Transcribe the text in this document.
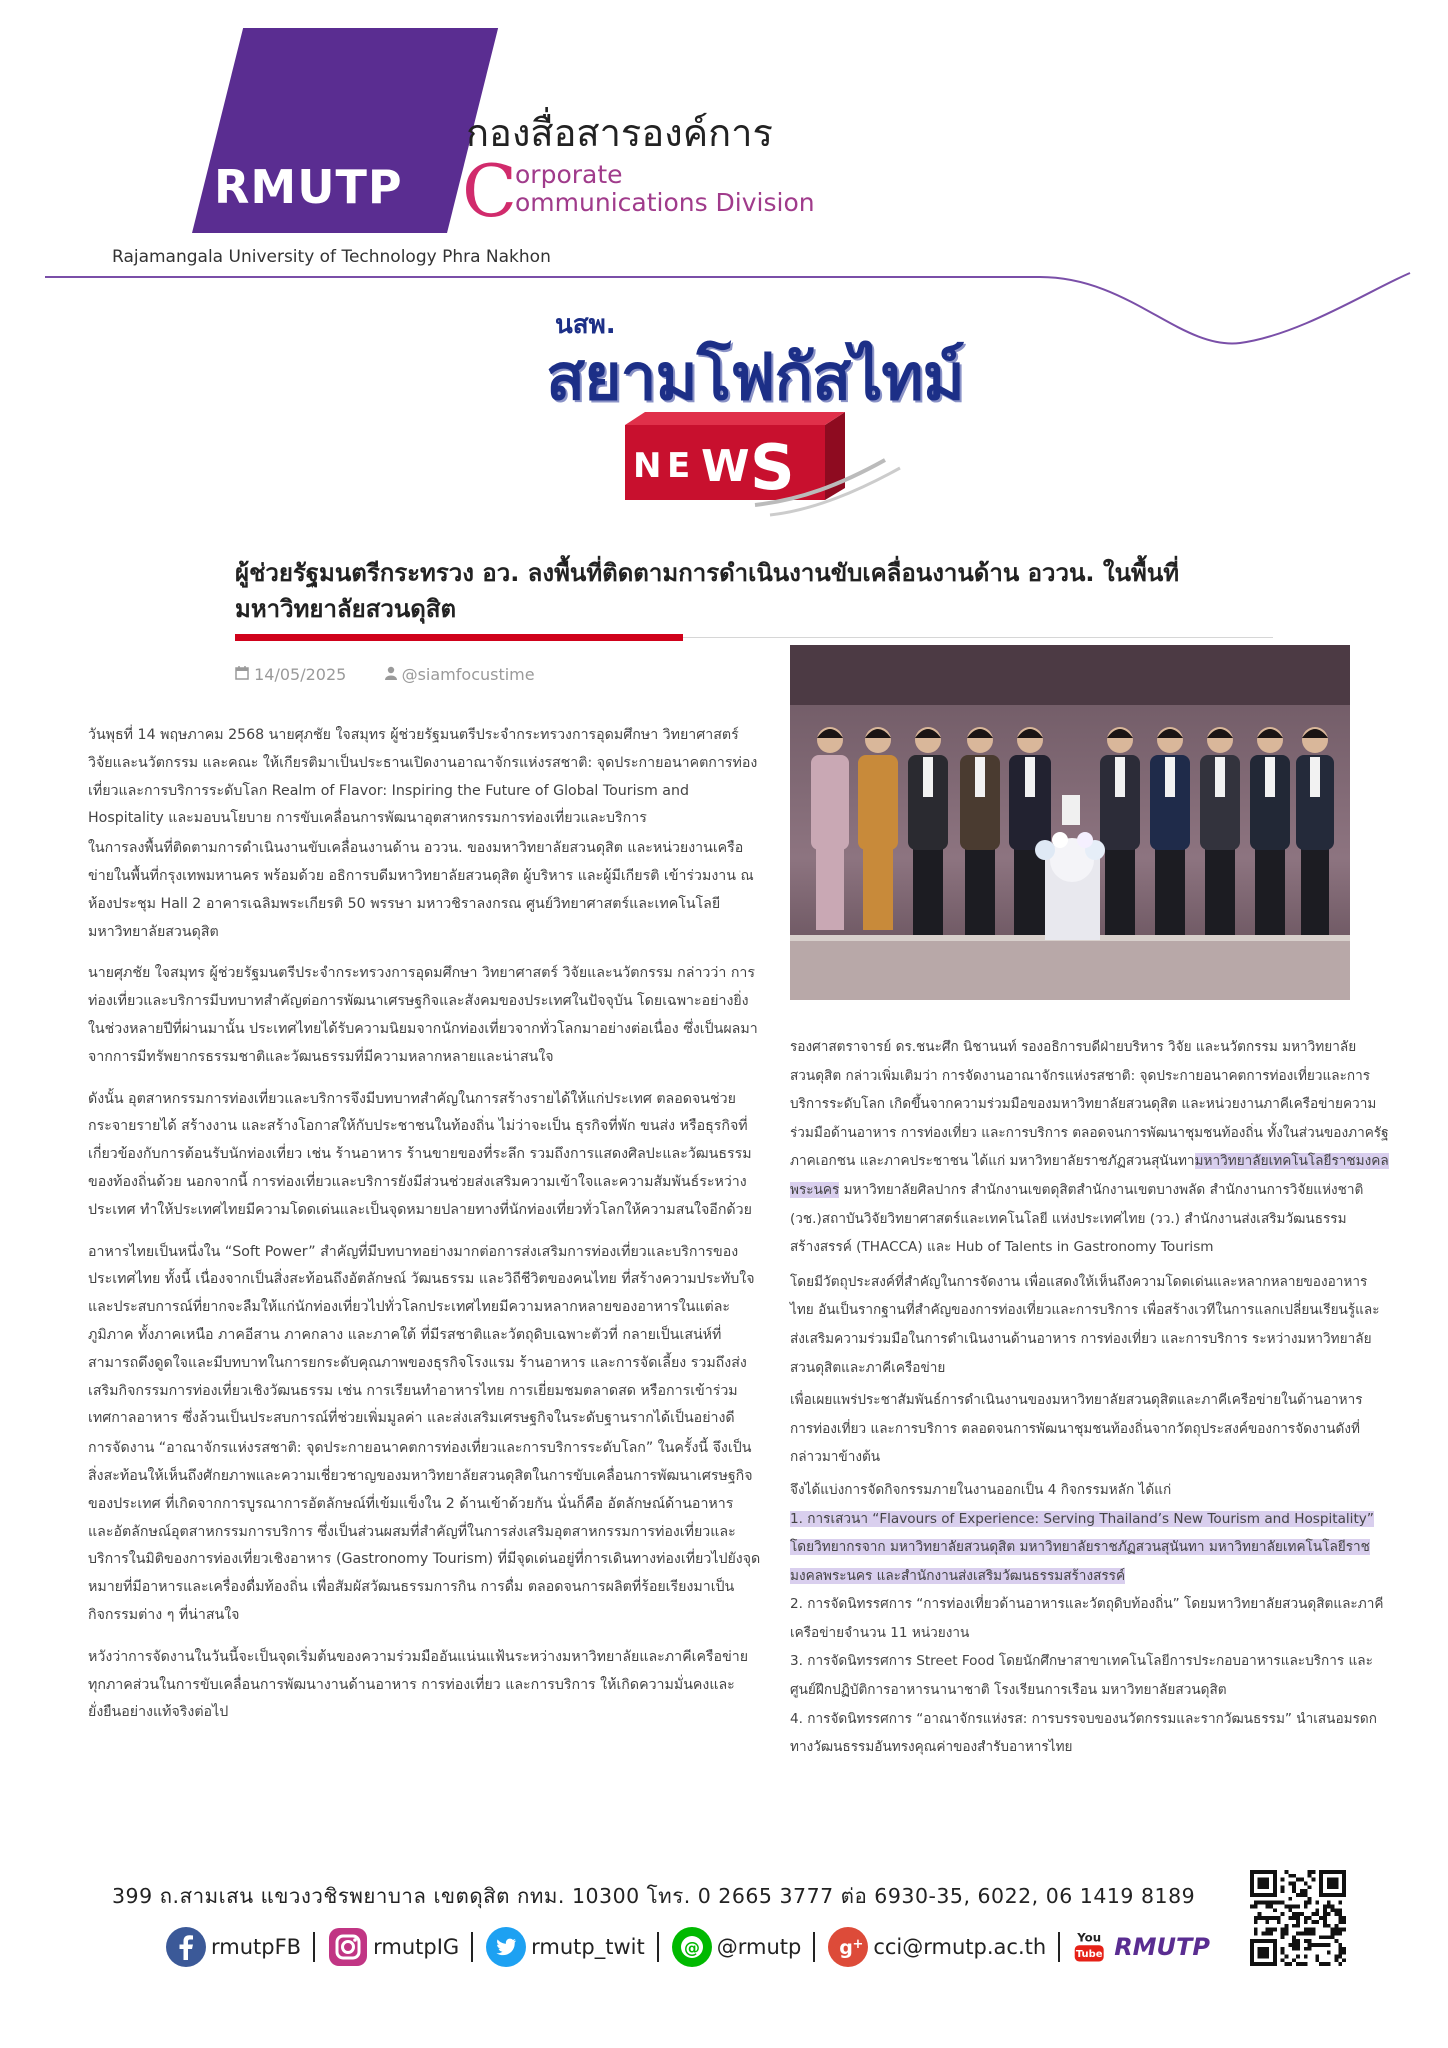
RMUTP
กองสื่อสารองค์การ
C
orporate
ommunications Division
Rajamangala University of Technology Phra Nakhon
นสพ.
สยามโฟกัสไทม์
N E W S
ผู้ช่วยรัฐมนตรีกระทรวง อว. ลงพื้นที่ติดตามการดำเนินงานขับเคลื่อนงานด้าน อววน. ในพื้นที่มหาวิทยาลัยสวนดุสิต
14/05/2025	@siamfocustime

วันพุธที่ 14 พฤษภาคม 2568 นายศุภชัย ใจสมุทร ผู้ช่วยรัฐมนตรีประจำกระทรวงการอุดมศึกษา วิทยาศาสตร์ วิจัยและนวัตกรรม และคณะ ให้เกียรติมาเป็นประธานเปิดงานอาณาจักรแห่งรสชาติ: จุดประกายอนาคตการท่องเที่ยวและการบริการระดับโลก Realm of Flavor: Inspiring the Future of Global Tourism and Hospitality และมอบนโยบาย การขับเคลื่อนการพัฒนาอุตสาหกรรมการท่องเที่ยวและบริการ

ในการลงพื้นที่ติดตามการดำเนินงานขับเคลื่อนงานด้าน อววน. ของมหาวิทยาลัยสวนดุสิต และหน่วยงานเครือข่ายในพื้นที่กรุงเทพมหานคร พร้อมด้วย อธิการบดีมหาวิทยาลัยสวนดุสิต ผู้บริหาร และผู้มีเกียรติ เข้าร่วมงาน ณ ห้องประชุม Hall 2 อาคารเฉลิมพระเกียรติ 50 พรรษา มหาวชิราลงกรณ ศูนย์วิทยาศาสตร์และเทคโนโลยี มหาวิทยาลัยสวนดุสิต

นายศุภชัย ใจสมุทร ผู้ช่วยรัฐมนตรีประจำกระทรวงการอุดมศึกษา วิทยาศาสตร์ วิจัยและนวัตกรรม กล่าวว่า การท่องเที่ยวและบริการมีบทบาทสำคัญต่อการพัฒนาเศรษฐกิจและสังคมของประเทศในปัจจุบัน โดยเฉพาะอย่างยิ่งในช่วงหลายปีที่ผ่านมานั้น ประเทศไทยได้รับความนิยมจากนักท่องเที่ยวจากทั่วโลกมาอย่างต่อเนื่อง ซึ่งเป็นผลมาจากการมีทรัพยากรธรรมชาติและวัฒนธรรมที่มีความหลากหลายและน่าสนใจ

ดังนั้น อุตสาหกรรมการท่องเที่ยวและบริการจึงมีบทบาทสำคัญในการสร้างรายได้ให้แก่ประเทศ ตลอดจนช่วยกระจายรายได้ สร้างงาน และสร้างโอกาสให้กับประชาชนในท้องถิ่น ไม่ว่าจะเป็น ธุรกิจที่พัก ขนส่ง หรือธุรกิจที่เกี่ยวข้องกับการต้อนรับนักท่องเที่ยว เช่น ร้านอาหาร ร้านขายของที่ระลึก รวมถึงการแสดงศิลปะและวัฒนธรรมของท้องถิ่นด้วย นอกจากนี้ การท่องเที่ยวและบริการยังมีส่วนช่วยส่งเสริมความเข้าใจและความสัมพันธ์ระหว่างประเทศ ทำให้ประเทศไทยมีความโดดเด่นและเป็นจุดหมายปลายทางที่นักท่องเที่ยวทั่วโลกให้ความสนใจอีกด้วย

อาหารไทยเป็นหนึ่งใน “Soft Power” สำคัญที่มีบทบาทอย่างมากต่อการส่งเสริมการท่องเที่ยวและบริการของประเทศไทย ทั้งนี้ เนื่องจากเป็นสิ่งสะท้อนถึงอัตลักษณ์ วัฒนธรรม และวิถีชีวิตของคนไทย ที่สร้างความประทับใจและประสบการณ์ที่ยากจะลืมให้แก่นักท่องเที่ยวไปทั่วโลกประเทศไทยมีความหลากหลายของอาหารในแต่ละภูมิภาค ทั้งภาคเหนือ ภาคอีสาน ภาคกลาง และภาคใต้ ที่มีรสชาติและวัตถุดิบเฉพาะตัวที่ กลายเป็นเสน่ห์ที่สามารถดึงดูดใจและมีบทบาทในการยกระดับคุณภาพของธุรกิจโรงแรม ร้านอาหาร และการจัดเลี้ยง รวมถึงส่งเสริมกิจกรรมการท่องเที่ยวเชิงวัฒนธรรม เช่น การเรียนทำอาหารไทย การเยี่ยมชมตลาดสด หรือการเข้าร่วมเทศกาลอาหาร ซึ่งล้วนเป็นประสบการณ์ที่ช่วยเพิ่มมูลค่า และส่งเสริมเศรษฐกิจในระดับฐานรากได้เป็นอย่างดี

การจัดงาน “อาณาจักรแห่งรสชาติ: จุดประกายอนาคตการท่องเที่ยวและการบริการระดับโลก” ในครั้งนี้ จึงเป็นสิ่งสะท้อนให้เห็นถึงศักยภาพและความเชี่ยวชาญของมหาวิทยาลัยสวนดุสิตในการขับเคลื่อนการพัฒนาเศรษฐกิจของประเทศ ที่เกิดจากการบูรณาการอัตลักษณ์ที่เข้มแข็งใน 2 ด้านเข้าด้วยกัน นั่นก็คือ อัตลักษณ์ด้านอาหาร และอัตลักษณ์อุตสาหกรรมการบริการ ซึ่งเป็นส่วนผสมที่สำคัญที่ในการส่งเสริมอุตสาหกรรมการท่องเที่ยวและบริการในมิติของการท่องเที่ยวเชิงอาหาร (Gastronomy Tourism) ที่มีจุดเด่นอยู่ที่การเดินทางท่องเที่ยวไปยังจุดหมายที่มีอาหารและเครื่องดื่มท้องถิ่น เพื่อสัมผัสวัฒนธรรมการกิน การดื่ม ตลอดจนการผลิตที่ร้อยเรียงมาเป็นกิจกรรมต่าง ๆ ที่น่าสนใจ

หวังว่าการจัดงานในวันนี้จะเป็นจุดเริ่มต้นของความร่วมมืออันแน่นแฟ้นระหว่างมหาวิทยาลัยและภาคีเครือข่ายทุกภาคส่วนในการขับเคลื่อนการพัฒนางานด้านอาหาร การท่องเที่ยว และการบริการ ให้เกิดความมั่นคงและยั่งยืนอย่างแท้จริงต่อไป

รองศาสตราจารย์ ดร.ชนะศึก นิชานนท์ รองอธิการบดีฝ่ายบริหาร วิจัย และนวัตกรรม มหาวิทยาลัยสวนดุสิต กล่าวเพิ่มเติมว่า การจัดงานอาณาจักรแห่งรสชาติ: จุดประกายอนาคตการท่องเที่ยวและการบริการระดับโลก เกิดขึ้นจากความร่วมมือของมหาวิทยาลัยสวนดุสิต และหน่วยงานภาคีเครือข่ายความร่วมมือด้านอาหาร การท่องเที่ยว และการบริการ ตลอดจนการพัฒนาชุมชนท้องถิ่น ทั้งในส่วนของภาครัฐ ภาคเอกชน และภาคประชาชน ได้แก่ มหาวิทยาลัยราชภัฏสวนสุนันทามหาวิทยาลัยเทคโนโลยีราชมงคลพระนคร มหาวิทยาลัยศิลปากร สำนักงานเขตดุสิตสำนักงานเขตบางพลัด สำนักงานการวิจัยแห่งชาติ (วช.)สถาบันวิจัยวิทยาศาสตร์และเทคโนโลยี แห่งประเทศไทย (วว.) สำนักงานส่งเสริมวัฒนธรรมสร้างสรรค์ (THACCA) และ Hub of Talents in Gastronomy Tourism

โดยมีวัตถุประสงค์ที่สำคัญในการจัดงาน เพื่อแสดงให้เห็นถึงความโดดเด่นและหลากหลายของอาหารไทย อันเป็นรากฐานที่สำคัญของการท่องเที่ยวและการบริการ เพื่อสร้างเวทีในการแลกเปลี่ยนเรียนรู้และส่งเสริมความร่วมมือในการดำเนินงานด้านอาหาร การท่องเที่ยว และการบริการ ระหว่างมหาวิทยาลัยสวนดุสิตและภาคีเครือข่าย

เพื่อเผยแพร่ประชาสัมพันธ์การดำเนินงานของมหาวิทยาลัยสวนดุสิตและภาคีเครือข่ายในด้านอาหาร การท่องเที่ยว และการบริการ ตลอดจนการพัฒนาชุมชนท้องถิ่นจากวัตถุประสงค์ของการจัดงานดังที่กล่าวมาข้างต้น

จึงได้แบ่งการจัดกิจกรรมภายในงานออกเป็น 4 กิจกรรมหลัก ได้แก่

1. การเสวนา “Flavours of Experience: Serving Thailand’s New Tourism and Hospitality” โดยวิทยากรจาก มหาวิทยาลัยสวนดุสิต มหาวิทยาลัยราชภัฏสวนสุนันทา มหาวิทยาลัยเทคโนโลยีราชมงคลพระนคร และสำนักงานส่งเสริมวัฒนธรรมสร้างสรรค์

2. การจัดนิทรรศการ “การท่องเที่ยวด้านอาหารและวัตถุดิบท้องถิ่น” โดยมหาวิทยาลัยสวนดุสิตและภาคีเครือข่ายจำนวน 11 หน่วยงาน

3. การจัดนิทรรศการ Street Food โดยนักศึกษาสาขาเทคโนโลยีการประกอบอาหารและบริการ และศูนย์ฝึกปฏิบัติการอาหารนานาชาติ โรงเรียนการเรือน มหาวิทยาลัยสวนดุสิต

4. การจัดนิทรรศการ “อาณาจักรแห่งรส: การบรรจบของนวัตกรรมและรากวัฒนธรรม” นำเสนอมรดกทางวัฒนธรรมอันทรงคุณค่าของสำรับอาหารไทย

399 ถ.สามเสน แขวงวชิรพยาบาล เขตดุสิต กทม. 10300 โทร. 0 2665 3777 ต่อ 6930-35, 6022, 06 1419 8189
rmutpFB	rmutpIG	rmutp_twit @ @rmutp g + cci@rmutp.ac.th You
Tube RMUTP
